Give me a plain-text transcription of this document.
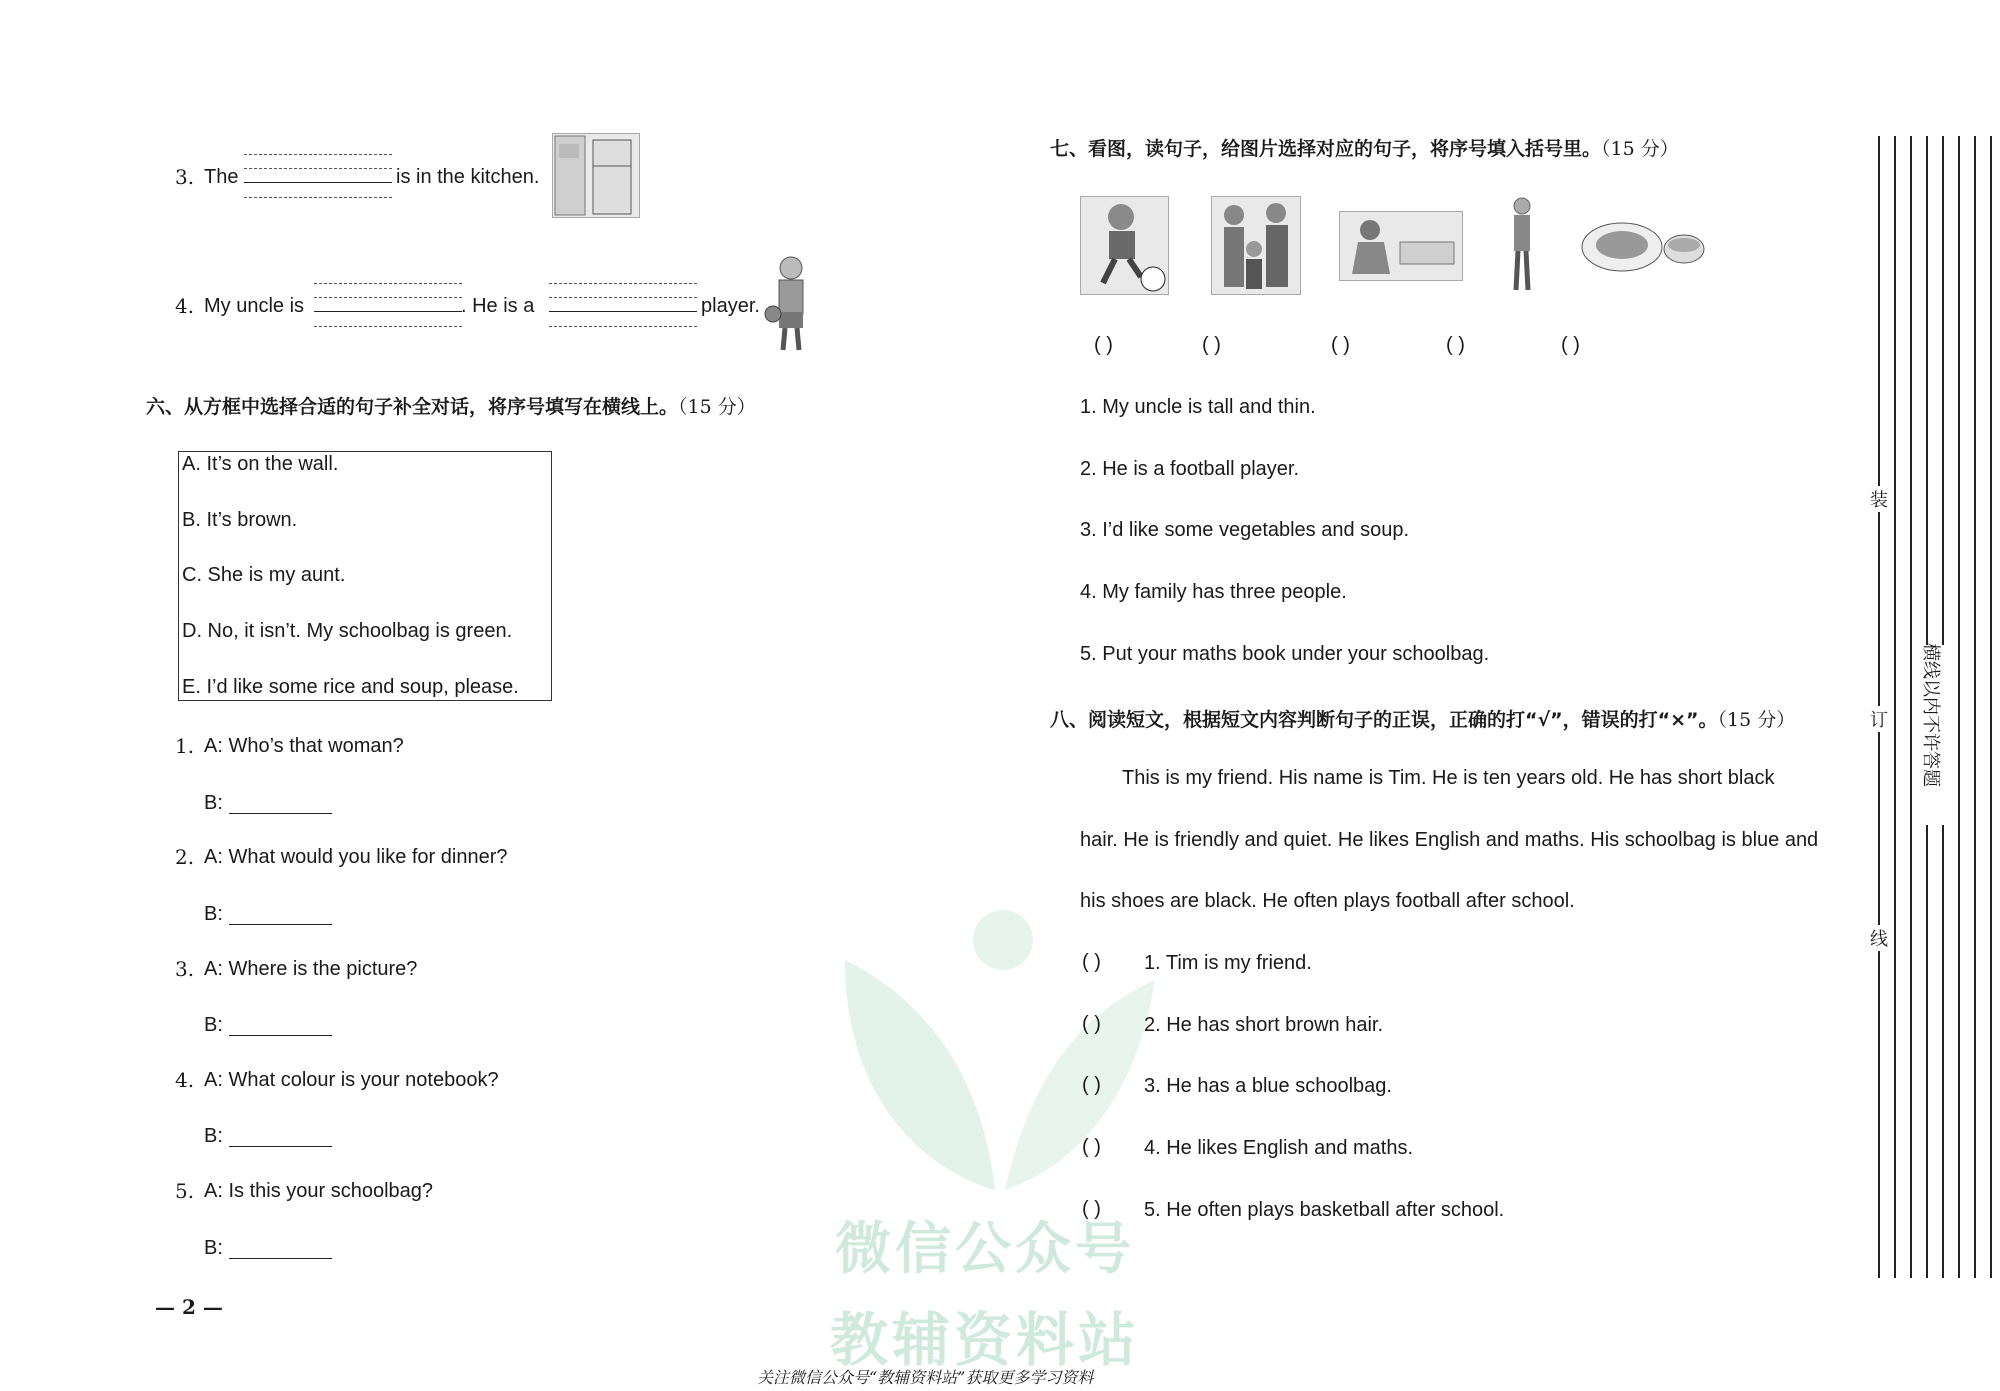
微信公众号
教辅资料站
3. The	is in the kitchen.
4. My uncle is	. He is a	player.
六、从方框中选择合适的句子补全对话，将序号填写在横线上。（15 分）
A. It’s on the wall.
B. It’s brown.
C. She is my aunt.
D. No, it isn’t. My schoolbag is green.
E. I’d like some rice and soup, please.
1. A: Who’s that woman?
B:
2. A: What would you like for dinner?
B:
3. A: Where is the picture?
B:
4. A: What colour is your notebook?
B:
5. A: Is this your schoolbag?
B:
— 2 —
七、看图，读句子，给图片选择对应的句子，将序号填入括号里。（15 分）
( )	( )	( )	( )	( )
1. My uncle is tall and thin.
2. He is a football player.
3. I’d like some vegetables and soup.
4. My family has three people.
5. Put your maths book under your schoolbag.
八、阅读短文，根据短文内容判断句子的正误，正确的打“√”，错误的打“×”。（15 分）
This is my friend. His name is Tim. He is ten years old. He has short black
hair. He is friendly and quiet. He likes English and maths. His schoolbag is blue and
his shoes are black. He often plays football after school.
( ) 1. Tim is my friend.
( ) 2. He has short brown hair.
( ) 3. He has a blue schoolbag.
( ) 4. He likes English and maths.
( ) 5. He often plays basketball after school.
装
订
线
横线以内不许答题
关注微信公众号“教辅资料站”获取更多学习资料
